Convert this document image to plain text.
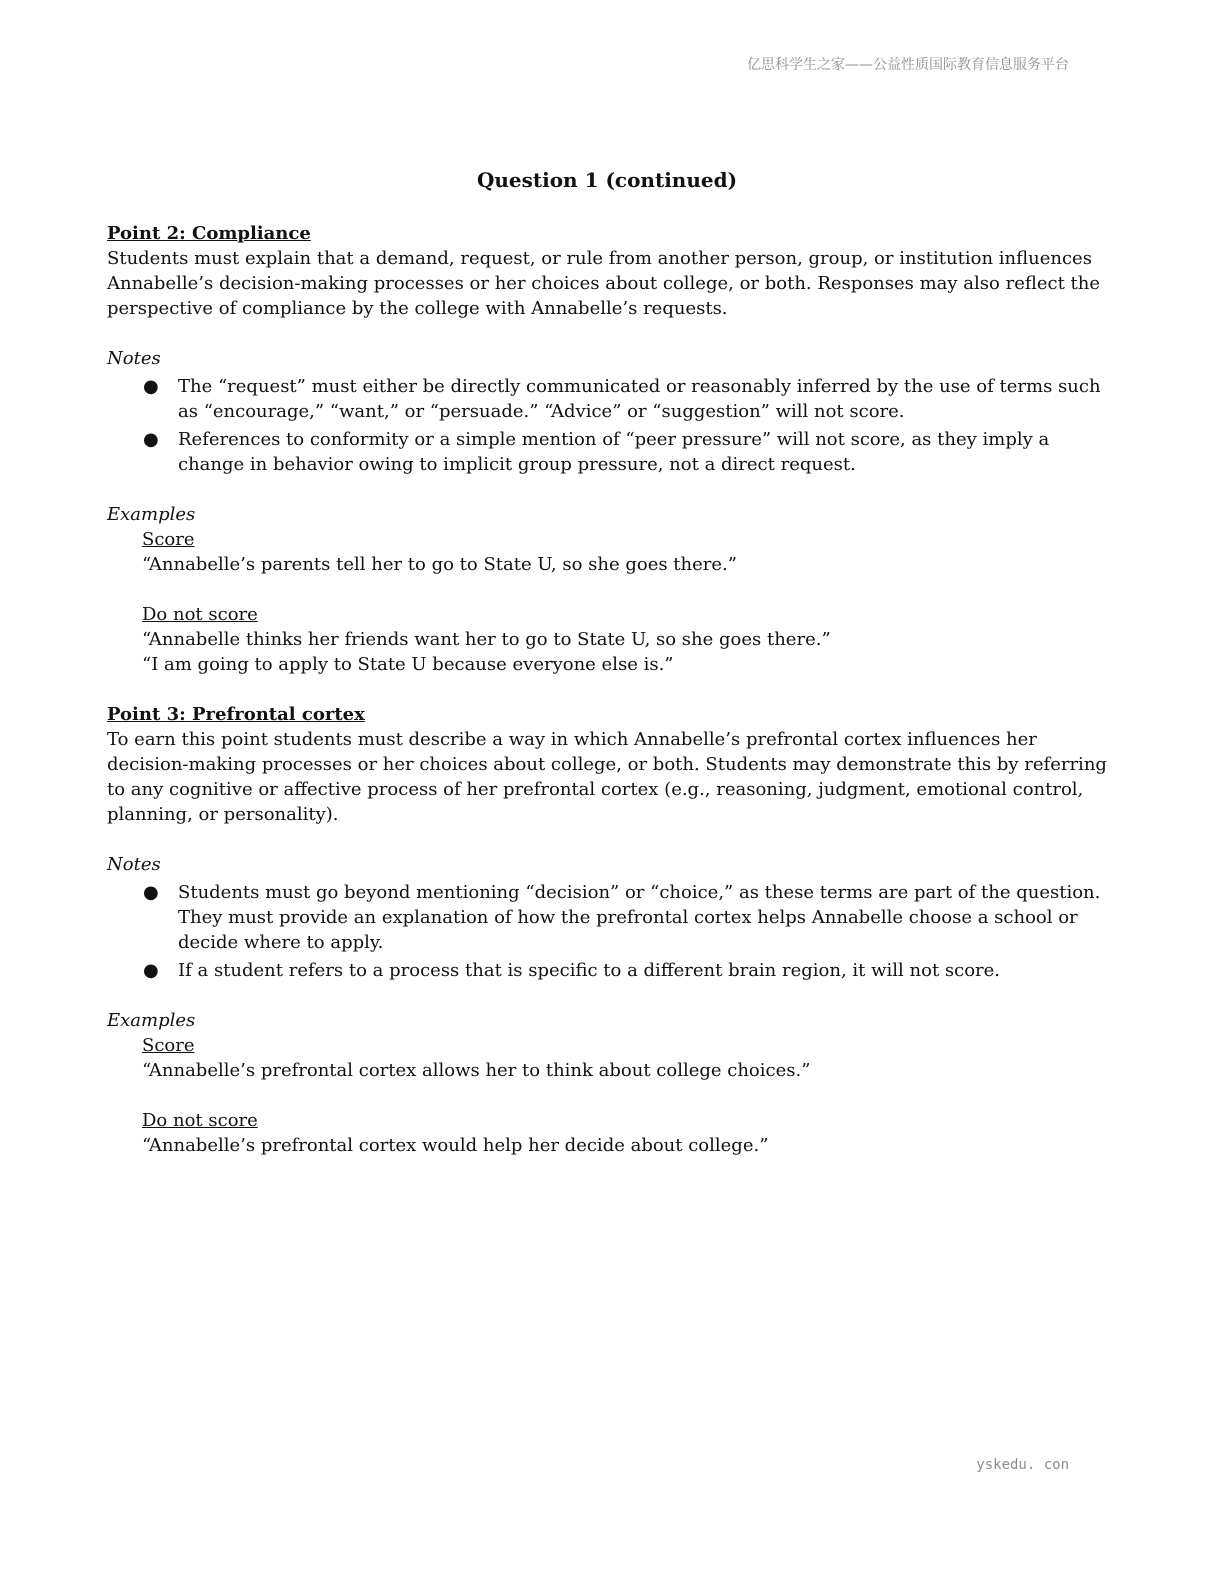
亿思科学生之家——公益性质国际教育信息服务平台
Question 1 (continued)

Point 2: Compliance

Students must explain that a demand, request, or rule from another person, group, or institution influences Annabelle’s decision-making processes or her choices about college, or both. Responses may also reflect the perspective of compliance by the college with Annabelle’s requests.

Notes

● The “request” must either be directly communicated or reasonably inferred by the use of terms such as “encourage,” “want,” or “persuade.” “Advice” or “suggestion” will not score.
● References to conformity or a simple mention of “peer pressure” will not score, as they imply a change in behavior owing to implicit group pressure, not a direct request.

Examples

Score

“Annabelle’s parents tell her to go to State U, so she goes there.”

Do not score

“Annabelle thinks her friends want her to go to State U, so she goes there.”

“I am going to apply to State U because everyone else is.”

Point 3: Prefrontal cortex

To earn this point students must describe a way in which Annabelle’s prefrontal cortex influences her decision-making processes or her choices about college, or both. Students may demonstrate this by referring to any cognitive or affective process of her prefrontal cortex (e.g., reasoning, judgment, emotional control, planning, or personality).

Notes

● Students must go beyond mentioning “decision” or “choice,” as these terms are part of the question. They must provide an explanation of how the prefrontal cortex helps Annabelle choose a school or decide where to apply.
● If a student refers to a process that is specific to a different brain region, it will not score.

Examples

Score

“Annabelle’s prefrontal cortex allows her to think about college choices.”

Do not score

“Annabelle’s prefrontal cortex would help her decide about college.”

yskedu. con
